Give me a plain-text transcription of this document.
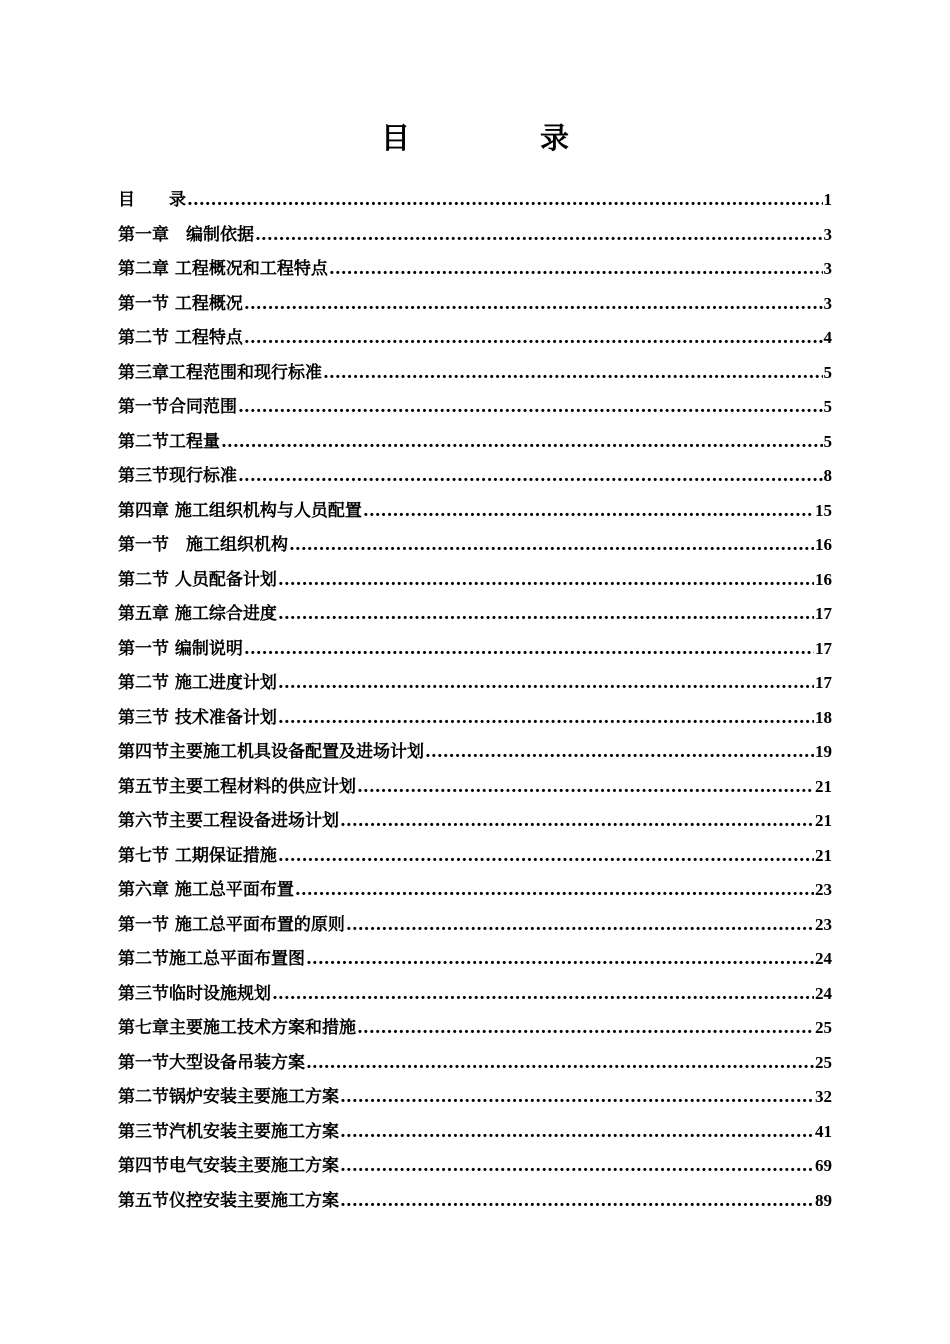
目 录
目　　录 .....	1
第一章　编制依据 .....	3
第二章 工程概况和工程特点 .....	3
第一节 工程概况 .....	3
第二节 工程特点 .....	4
第三章工程范围和现行标准 .....	5
第一节合同范围 .....	5
第二节工程量 .....	5
第三节现行标准 .....	8
第四章 施工组织机构与人员配置 .....	15
第一节　施工组织机构 .....	16
第二节 人员配备计划 .....	16
第五章 施工综合进度 .....	17
第一节 编制说明 .....	17
第二节 施工进度计划 .....	17
第三节 技术准备计划 .....	18
第四节主要施工机具设备配置及进场计划 .....	19
第五节主要工程材料的供应计划 .....	21
第六节主要工程设备进场计划 .....	21
第七节 工期保证措施 .....	21
第六章 施工总平面布置 .....	23
第一节 施工总平面布置的原则 .....	23
第二节施工总平面布置图 .....	24
第三节临时设施规划 .....	24
第七章主要施工技术方案和措施 .....	25
第一节大型设备吊装方案 .....	25
第二节锅炉安装主要施工方案 .....	32
第三节汽机安装主要施工方案 .....	41
第四节电气安装主要施工方案 .....	69
第五节仪控安装主要施工方案 .....	89
